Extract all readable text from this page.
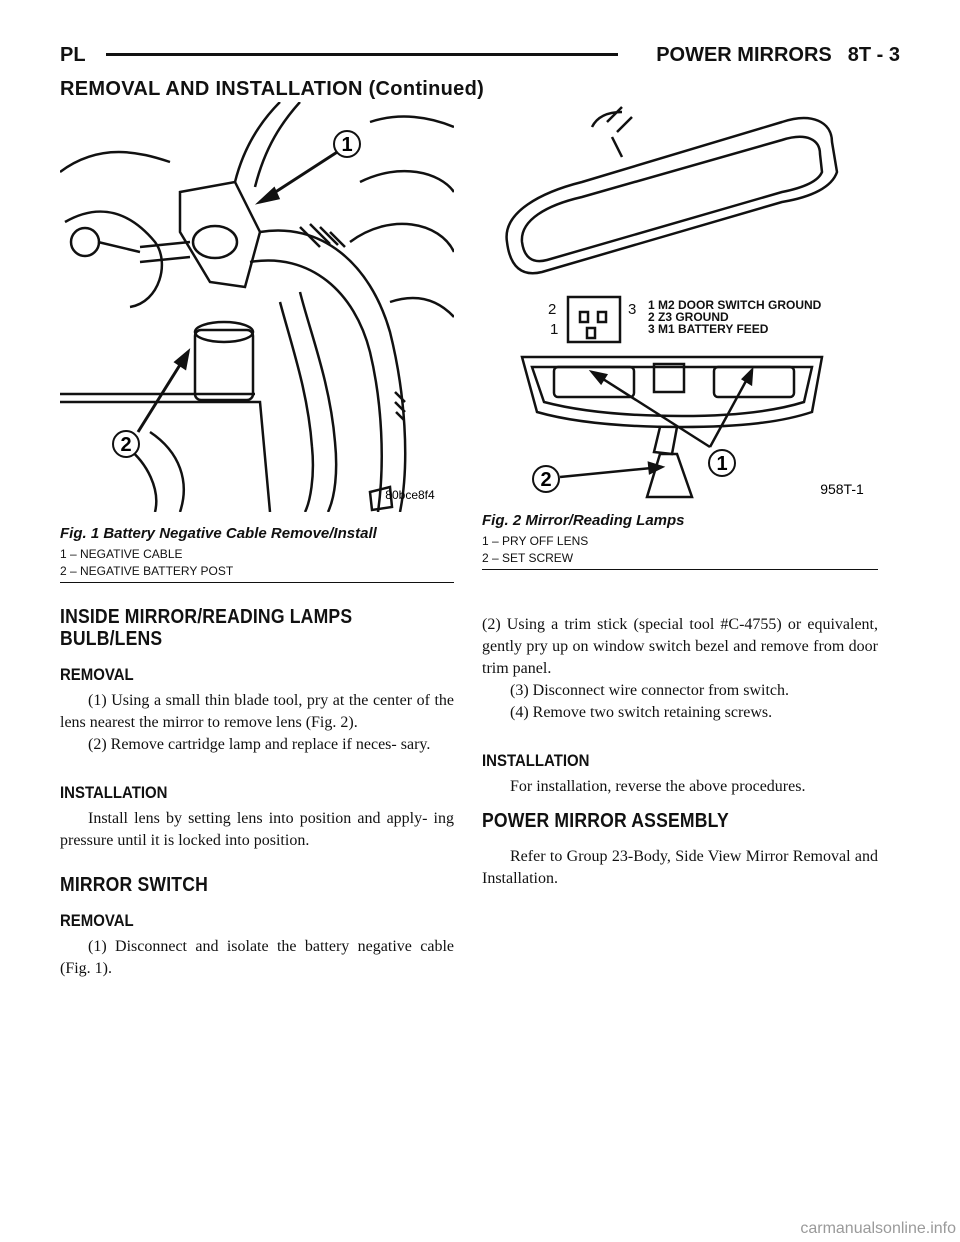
PL	POWER MIRRORS 8T - 3
REMOVAL AND INSTALLATION (Continued)
1
2
80bce8f4
Fig. 1 Battery Negative Cable Remove/Install
1 – NEGATIVE CABLE
2 – NEGATIVE BATTERY POST
2	3
1
1 M2 DOOR SWITCH GROUND
2 Z3 GROUND
3 M1 BATTERY FEED
1
2	958T-1
Fig. 2 Mirror/Reading Lamps
1 – PRY OFF LENS
2 – SET SCREW
INSIDE MIRROR/READING LAMPS BULB/LENS
REMOVAL

(1) Using a small thin blade tool, pry at the center of the lens nearest the mirror to remove lens (Fig. 2).

(2) Remove cartridge lamp and replace if neces- sary.

INSTALLATION

Install lens by setting lens into position and apply- ing pressure until it is locked into position.

MIRROR SWITCH
REMOVAL

(1) Disconnect and isolate the battery negative cable (Fig. 1).

(2) Using a trim stick (special tool #C-4755) or equivalent, gently pry up on window switch bezel and remove from door trim panel.

(3) Disconnect wire connector from switch.

(4) Remove two switch retaining screws.

INSTALLATION

For installation, reverse the above procedures.

POWER MIRROR ASSEMBLY

Refer to Group 23-Body, Side View Mirror Removal and Installation.

carmanualsonline.info
